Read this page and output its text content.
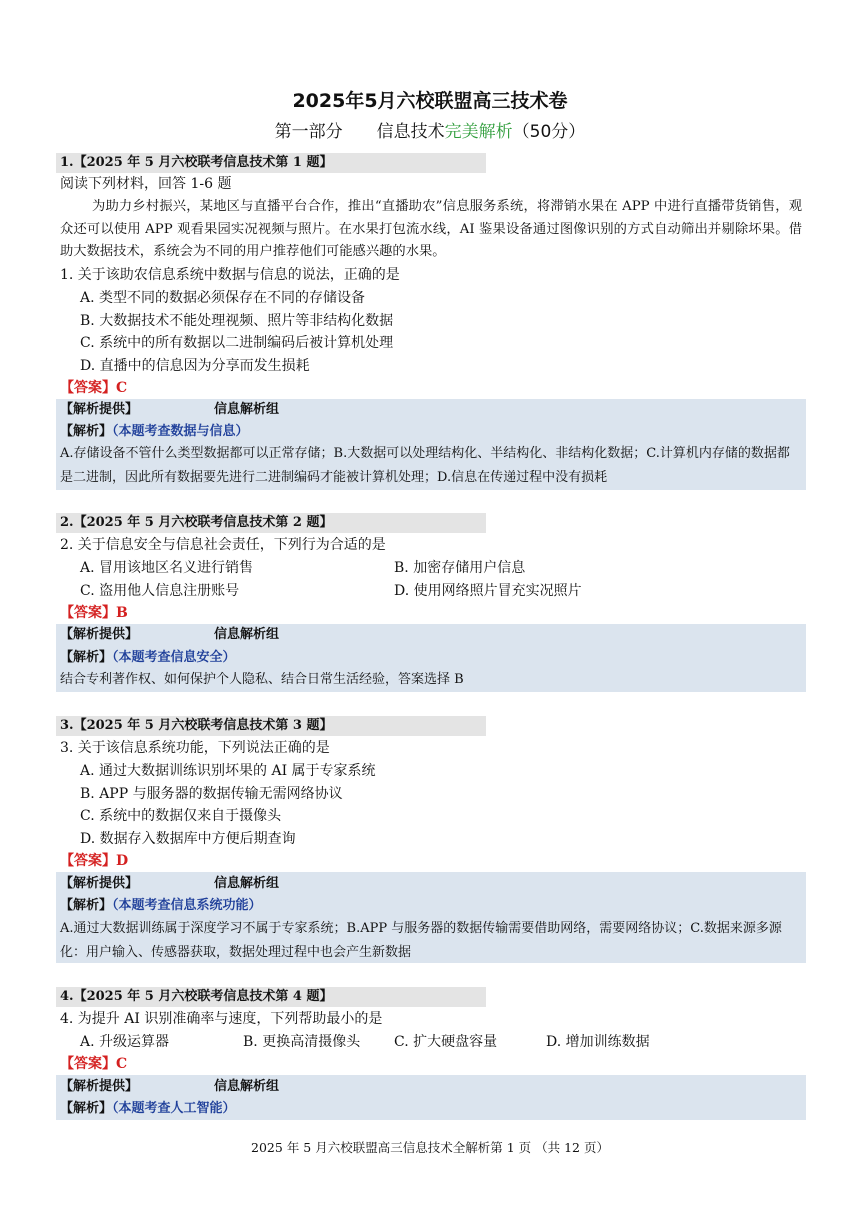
2025年5月六校联盟高三技术卷
第一部分　　信息技术完美解析（50分）
1.【2025 年 5 月六校联考信息技术第 1 题】
阅读下列材料，回答 1-6 题
为助力乡村振兴，某地区与直播平台合作，推出“直播助农”信息服务系统，将滞销水果在 APP 中进行直播带货销售，观众还可以使用 APP 观看果园实况视频与照片。在水果打包流水线，AI 鉴果设备通过图像识别的方式自动筛出并剔除坏果。借助大数据技术，系统会为不同的用户推荐他们可能感兴趣的水果。
1. 关于该助农信息系统中数据与信息的说法，正确的是
A. 类型不同的数据必须保存在不同的存储设备
B. 大数据技术不能处理视频、照片等非结构化数据
C. 系统中的所有数据以二进制编码后被计算机处理
D. 直播中的信息因为分享而发生损耗
【答案】C
【解析提供】	信息解析组
【解析】（本题考查数据与信息）
A.存储设备不管什么类型数据都可以正常存储；B.大数据可以处理结构化、半结构化、非结构化数据；C.计算机内存储的数据都是二进制，因此所有数据要先进行二进制编码才能被计算机处理；D.信息在传递过程中没有损耗
2.【2025 年 5 月六校联考信息技术第 2 题】
2. 关于信息安全与信息社会责任，下列行为合适的是
A. 冒用该地区名义进行销售	B. 加密存储用户信息
C. 盗用他人信息注册账号	D. 使用网络照片冒充实况照片
【答案】B
【解析提供】	信息解析组
【解析】（本题考查信息安全）
结合专利著作权、如何保护个人隐私、结合日常生活经验，答案选择 B
3.【2025 年 5 月六校联考信息技术第 3 题】
3. 关于该信息系统功能，下列说法正确的是
A. 通过大数据训练识别坏果的 AI 属于专家系统
B. APP 与服务器的数据传输无需网络协议
C. 系统中的数据仅来自于摄像头
D. 数据存入数据库中方便后期查询
【答案】D
【解析提供】	信息解析组
【解析】（本题考查信息系统功能）
A.通过大数据训练属于深度学习不属于专家系统；B.APP 与服务器的数据传输需要借助网络，需要网络协议；C.数据来源多源化：用户输入、传感器获取，数据处理过程中也会产生新数据
4.【2025 年 5 月六校联考信息技术第 4 题】
4. 为提升 AI 识别准确率与速度，下列帮助最小的是
A. 升级运算器	B. 更换高清摄像头 C. 扩大硬盘容量	D. 增加训练数据
【答案】C
【解析提供】	信息解析组
【解析】（本题考查人工智能）
2025 年 5 月六校联盟高三信息技术全解析第 1 页 （共 12 页）
